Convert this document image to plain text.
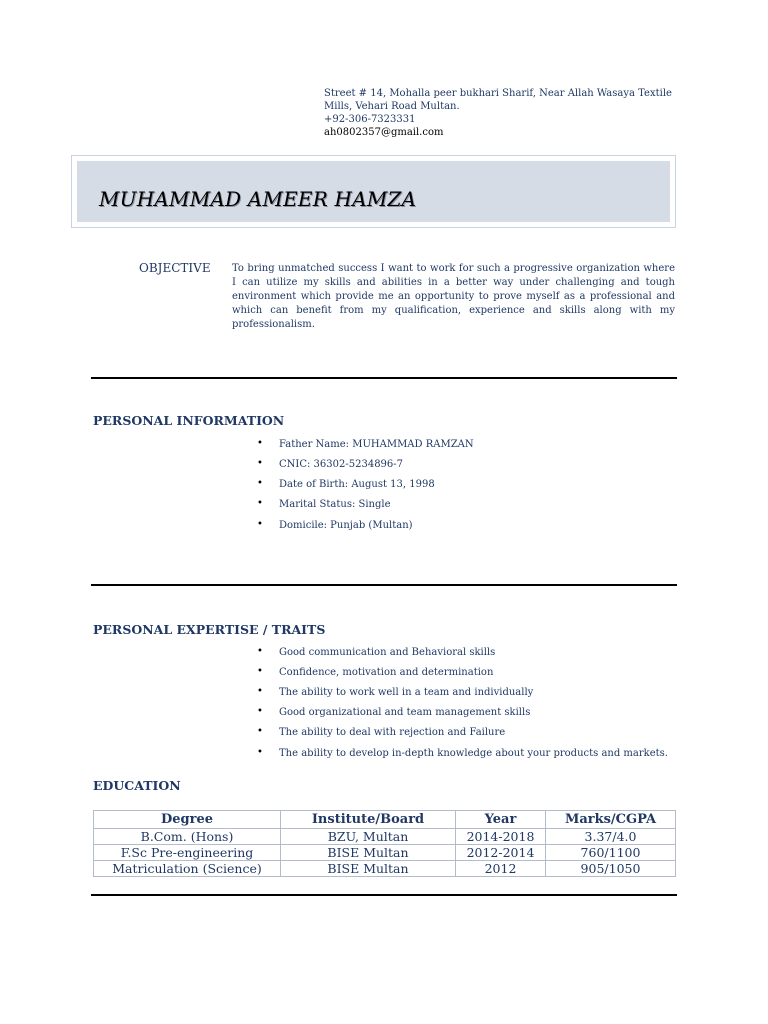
Street # 14, Mohalla peer bukhari Sharif, Near Allah Wasaya Textile
Mills, Vehari Road Multan.
+92-306-7323331
ah0802357@gmail.com
MUHAMMAD AMEER HAMZA
OBJECTIVE To bring unmatched success I want to work for such a progressive organization where I can utilize my skills and abilities in a better way under challenging and tough environment which provide me an opportunity to prove myself as a professional and which can benefit from my qualification, experience and skills along with my professionalism.
PERSONAL INFORMATION
• Father Name: MUHAMMAD RAMZAN
• CNIC: 36302-5234896-7
• Date of Birth: August 13, 1998
• Marital Status: Single
• Domicile: Punjab (Multan)
PERSONAL EXPERTISE / TRAITS
• Good communication and Behavioral skills
• Confidence, motivation and determination
• The ability to work well in a team and individually
• Good organizational and team management skills
• The ability to deal with rejection and Failure
• The ability to develop in-depth knowledge about your products and markets.
EDUCATION
Degree	Institute/Board	Year	Marks/CGPA
B.Com. (Hons)	BZU, Multan	2014-2018	3.37/4.0
F.Sc Pre-engineering	BISE Multan	2012-2014	760/1100
Matriculation (Science)	BISE Multan	2012	905/1050
